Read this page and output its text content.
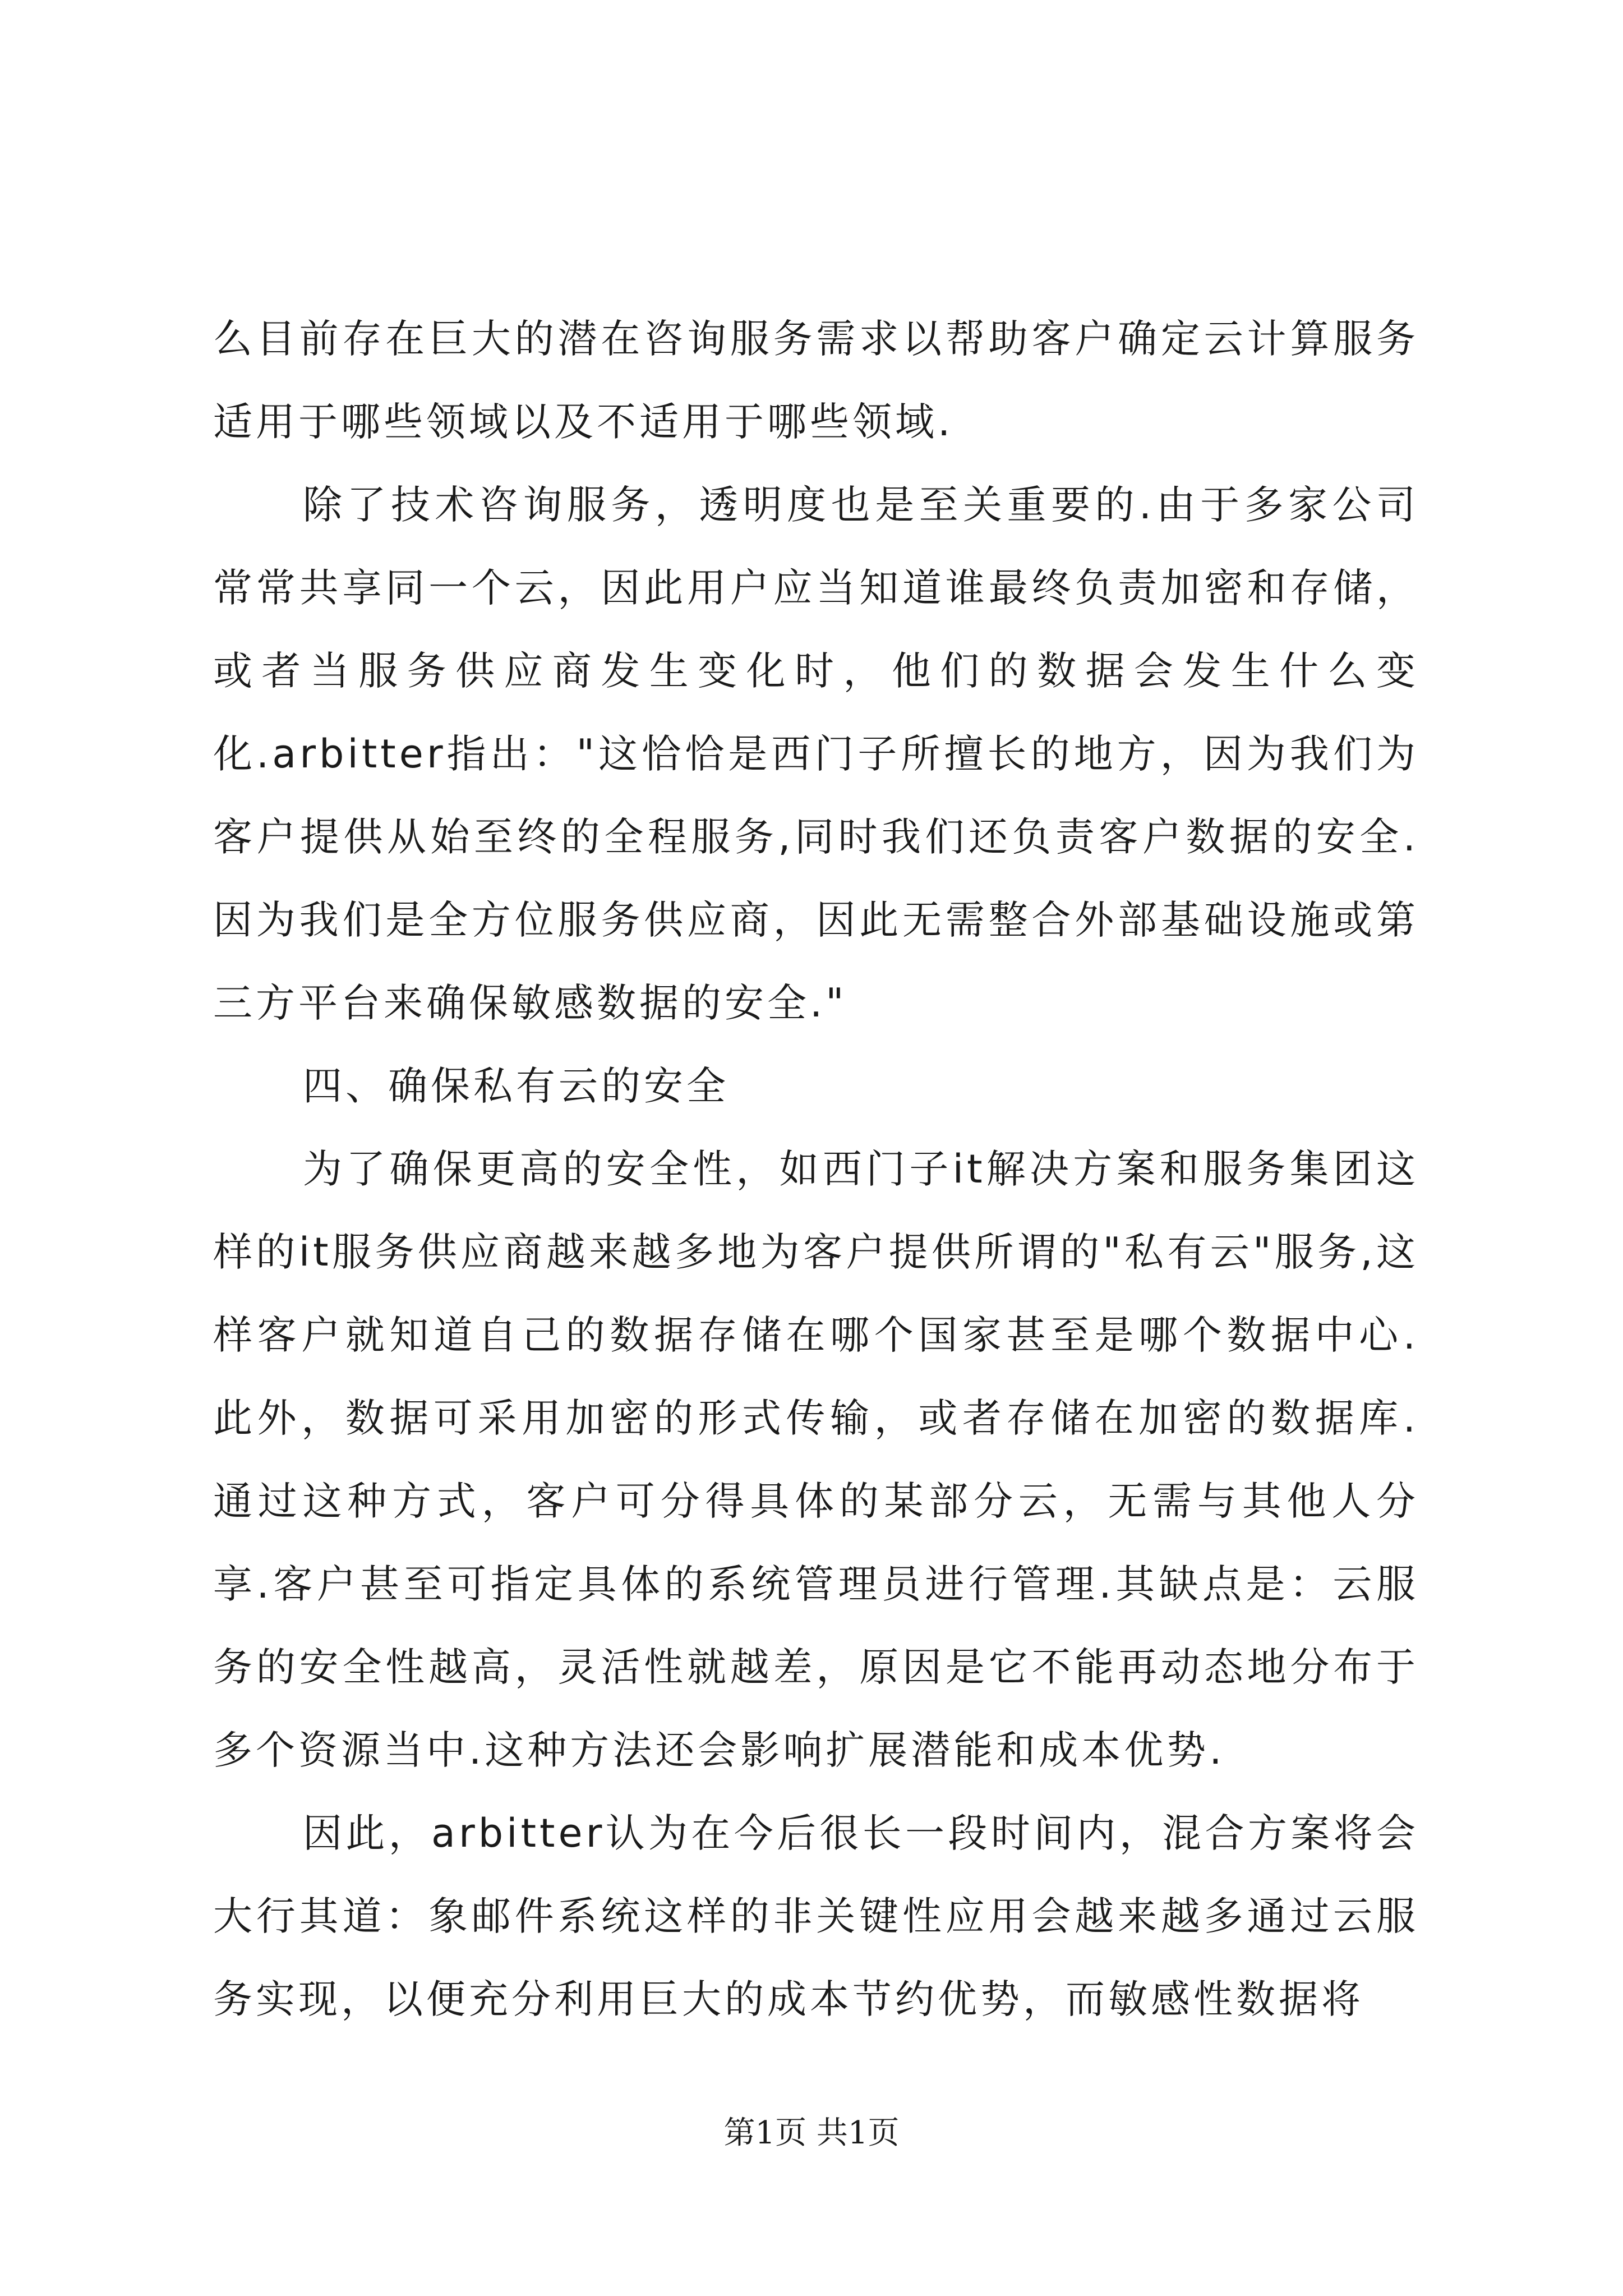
么目前存在巨大的潜在咨询服务需求以帮助客户确定云计算服务适用于哪些领域以及不适用于哪些领域.

除了技术咨询服务，透明度也是至关重要的.由于多家公司常常共享同一个云，因此用户应当知道谁最终负责加密和存储，或者当服务供应商发生变化时，他们的数据会发生什么变化.arbitter指出："这恰恰是西门子所擅长的地方，因为我们为客户提供从始至终的全程服务,同时我们还负责客户数据的安全.因为我们是全方位服务供应商，因此无需整合外部基础设施或第三方平台来确保敏感数据的安全."

四、确保私有云的安全

为了确保更高的安全性，如西门子it解决方案和服务集团这样的it服务供应商越来越多地为客户提供所谓的"私有云"服务,这样客户就知道自己的数据存储在哪个国家甚至是哪个数据中心.此外，数据可采用加密的形式传输，或者存储在加密的数据库.通过这种方式，客户可分得具体的某部分云，无需与其他人分享.客户甚至可指定具体的系统管理员进行管理.其缺点是：云服务的安全性越高，灵活性就越差，原因是它不能再动态地分布于多个资源当中.这种方法还会影响扩展潜能和成本优势.

因此，arbitter认为在今后很长一段时间内，混合方案将会大行其道：象邮件系统这样的非关键性应用会越来越多通过云服务实现，以便充分利用巨大的成本节约优势，而敏感性数据将

第1页 共1页
